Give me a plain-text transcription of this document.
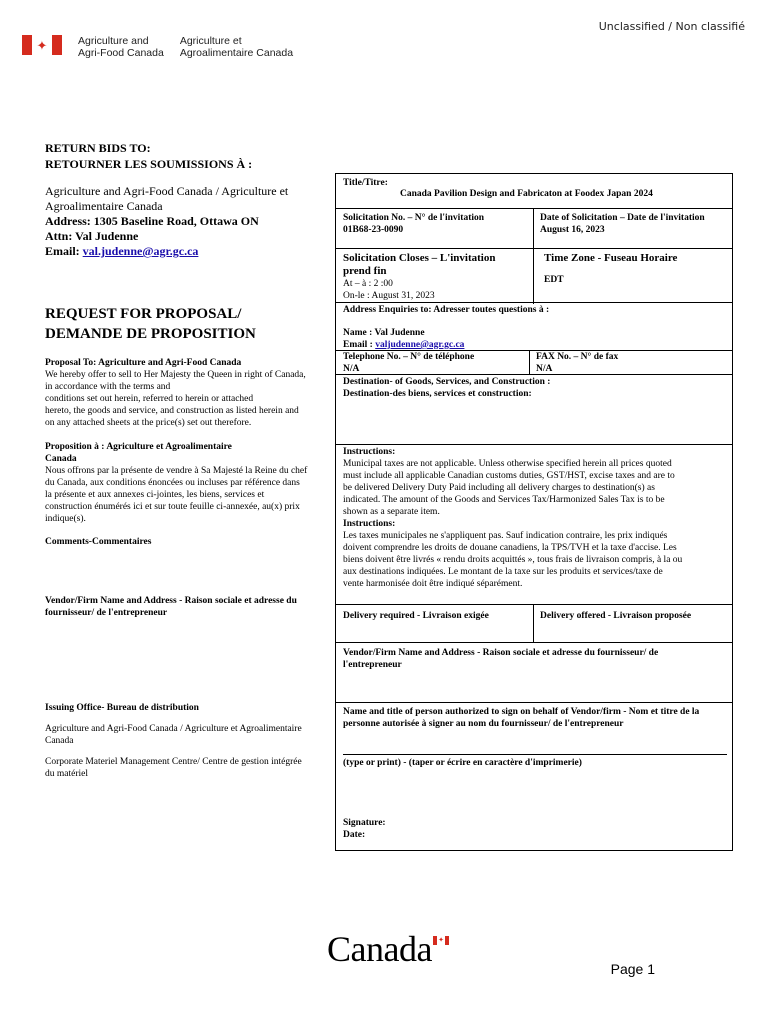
Unclassified / Non classifié
✦	Agriculture and
Agri-Food Canada
Agriculture et
Agroalimentaire Canada
RETURN BIDS TO:
RETOURNER LES SOUMISSIONS À :
Agriculture and Agri-Food Canada / Agriculture et
Agroalimentaire Canada
Address: 1305 Baseline Road, Ottawa ON
Attn: Val Judenne
Email: val.judenne@agr.gc.ca
REQUEST FOR PROPOSAL/
DEMANDE DE PROPOSITION
Proposal To: Agriculture and Agri-Food Canada
We hereby offer to sell to Her Majesty the Queen in right of Canada,
in accordance with the terms and
conditions set out herein, referred to herein or attached
hereto, the goods and service, and construction as listed herein and
on any attached sheets at the price(s) set out therefore.
Proposition à : Agriculture et Agroalimentaire
Canada
Nous offrons par la présente de vendre à Sa Majesté la Reine du chef
du Canada, aux conditions énoncées ou incluses par référence dans
la présente et aux annexes ci-jointes, les biens, services et
construction énumérés ici et sur toute feuille ci-annexée, au(x) prix
indique(s).
Comments-Commentaires
Vendor/Firm Name and Address - Raison sociale et adresse du
fournisseur/ de l'entrepreneur
Issuing Office- Bureau de distribution
Agriculture and Agri-Food Canada / Agriculture et Agroalimentaire
Canada
Corporate Materiel Management Centre/ Centre de gestion intégrée
du matériel
Title/Titre:
Canada Pavilion Design and Fabricaton at Foodex Japan 2024
Solicitation No. – N° de l'invitation
01B68-23-0090
Date of Solicitation – Date de l'invitation
August 16, 2023
Solicitation Closes – L'invitation
prend fin
At – à : 2 :00
On-le : August 31, 2023
Time Zone - Fuseau Horaire
EDT
Address Enquiries to: Adresser toutes questions à :
Name : Val Judenne
Email : valjudenne@agr.gc.ca
Telephone No. – N° de téléphone
N/A
FAX No. – N° de fax
N/A
Destination- of Goods, Services, and Construction :
Destination-des biens, services et construction:
Instructions:
Municipal taxes are not applicable. Unless otherwise specified herein all prices quoted
must include all applicable Canadian customs duties, GST/HST, excise taxes and are to
be delivered Delivery Duty Paid including all delivery charges to destination(s) as
indicated. The amount of the Goods and Services Tax/Harmonized Sales Tax is to be
shown as a separate item.
Instructions:
Les taxes municipales ne s'appliquent pas. Sauf indication contraire, les prix indiqués
doivent comprendre les droits de douane canadiens, la TPS/TVH et la taxe d'accise. Les
biens doivent être livrés « rendu droits acquittés », tous frais de livraison compris, à la ou
aux destinations indiquées. Le montant de la taxe sur les produits et services/taxe de
vente harmonisée doit être indiqué séparément.
Delivery required - Livraison exigée	Delivery offered - Livraison proposée
Vendor/Firm Name and Address - Raison sociale et adresse du fournisseur/ de
l'entrepreneur
Name and title of person authorized to sign on behalf of Vendor/firm - Nom et titre de la
personne autorisée à signer au nom du fournisseur/ de l'entrepreneur
(type or print) - (taper or écrire en caractère d'imprimerie)
Signature:
Date:
Canada ✦
Page 1
